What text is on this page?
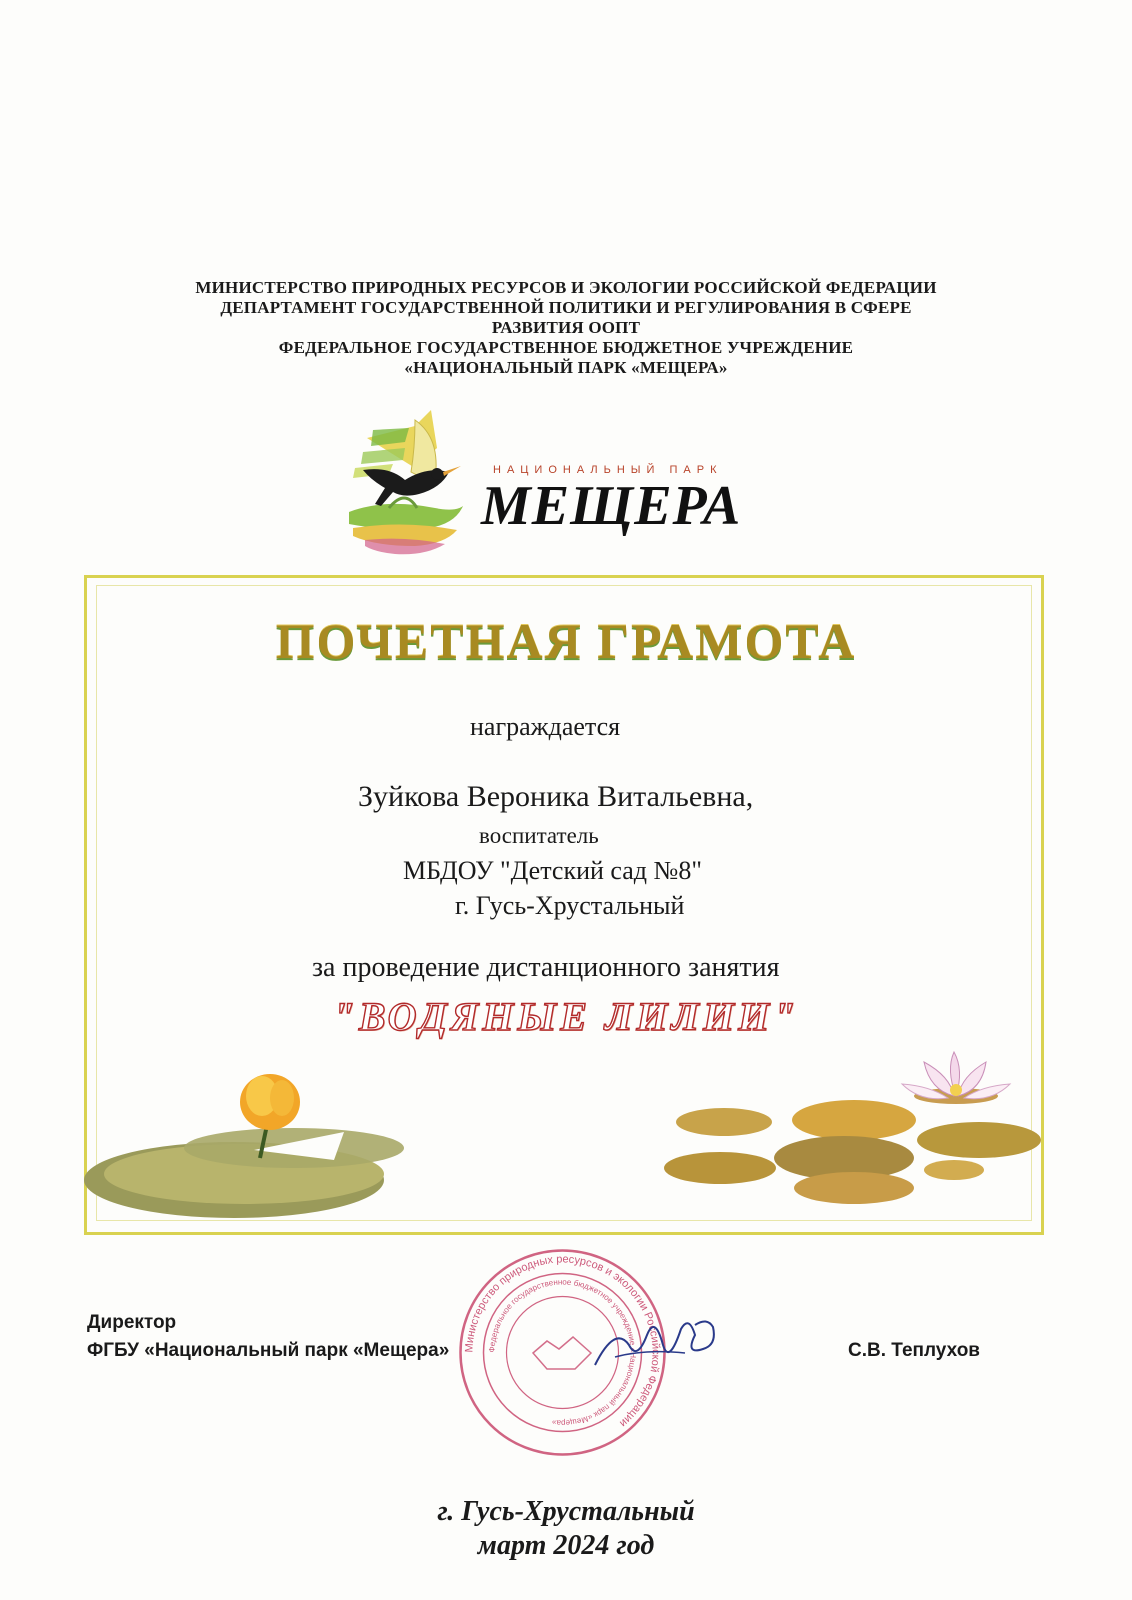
МИНИСТЕРСТВО ПРИРОДНЫХ РЕСУРСОВ И ЭКОЛОГИИ РОССИЙСКОЙ ФЕДЕРАЦИИ
ДЕПАРТАМЕНТ ГОСУДАРСТВЕННОЙ ПОЛИТИКИ И РЕГУЛИРОВАНИЯ В СФЕРЕ
РАЗВИТИЯ ООПТ
ФЕДЕРАЛЬНОЕ ГОСУДАРСТВЕННОЕ БЮДЖЕТНОЕ УЧРЕЖДЕНИЕ
«НАЦИОНАЛЬНЫЙ ПАРК «МЕЩЕРА»
НАЦИОНАЛЬНЫЙ ПАРК
МЕЩЕРА
ПОЧЕТНАЯ ГРАМОТА
награждается
Зуйкова Вероника Витальевна,
воспитатель
МБДОУ "Детский сад №8"
г. Гусь-Хрустальный
за проведение дистанционного занятия
"ВОДЯНЫЕ ЛИЛИИ"
Директор
ФГБУ «Национальный парк «Мещера»	С.В. Теплухов
Министерство природных ресурсов и экологии Российской Федерации
Федеральное государственное бюджетное учреждение «Национальный парк «Мещера»
г. Гусь-Хрустальный
март 2024 год
